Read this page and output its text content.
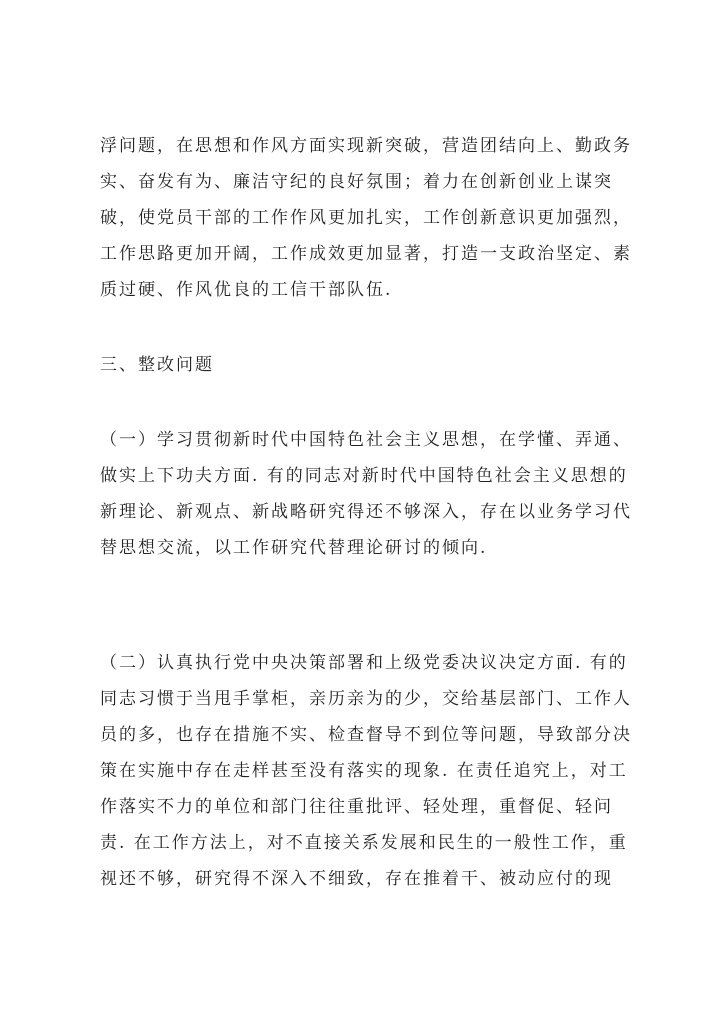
浮问题，在思想和作风方面实现新突破，营造团结向上、勤政务
实、奋发有为、廉洁守纪的良好氛围；着力在创新创业上谋突
破，使党员干部的工作作风更加扎实，工作创新意识更加强烈，
工作思路更加开阔，工作成效更加显著，打造一支政治坚定、素
质过硬、作风优良的工信干部队伍.
三、整改问题
（一）学习贯彻新时代中国特色社会主义思想，在学懂、弄通、
做实上下功夫方面. 有的同志对新时代中国特色社会主义思想的
新理论、新观点、新战略研究得还不够深入，存在以业务学习代
替思想交流，以工作研究代替理论研讨的倾向.
（二）认真执行党中央决策部署和上级党委决议决定方面. 有的
同志习惯于当甩手掌柜，亲历亲为的少，交给基层部门、工作人
员的多，也存在措施不实、检查督导不到位等问题，导致部分决
策在实施中存在走样甚至没有落实的现象. 在责任追究上，对工
作落实不力的单位和部门往往重批评、轻处理，重督促、轻问
责. 在工作方法上，对不直接关系发展和民生的一般性工作，重
视还不够，研究得不深入不细致，存在推着干、被动应付的现
